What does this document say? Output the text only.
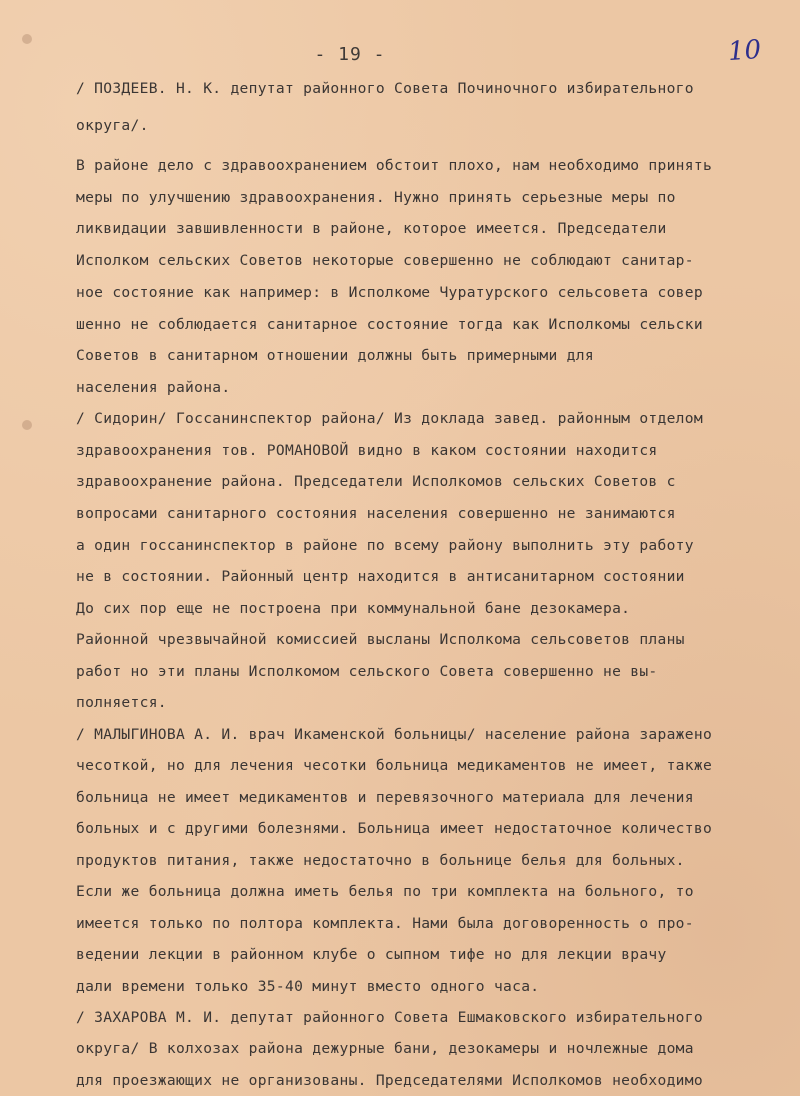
- 19 -	10
/ ПОЗДЕЕВ. Н. К. депутат районного Совета Починочного избирательного
округа/.
В районе дело с здравоохранением обстоит плохо, нам необходимо принять
меры по улучшению здравоохранения. Нужно принять серьезные меры по
ликвидации завшивленности в районе, которое имеется. Председатели
Исполком сельских Советов некоторые совершенно не соблюдают санитар-
ное состояние как например: в Исполкоме Чуратурского сельсовета совер
шенно не соблюдается санитарное состояние тогда как Исполкомы сельски
Советов в санитарном отношении должны быть примерными для
населения района.
/ Сидорин/ Госсанинспектор района/ Из доклада завед. районным отделом
здравоохранения тов. РОМАНОВОЙ видно в каком состоянии находится
здравоохранение района. Председатели Исполкомов сельских Советов с
вопросами санитарного состояния населения совершенно не занимаются
а один госсанинспектор в районе по всему району выполнить эту работу
не в состоянии. Районный центр находится в антисанитарном состоянии
До сих пор еще не построена при коммунальной бане дезокамера.
Районной чрезвычайной комиссией высланы Исполкома сельсоветов планы
работ но эти планы Исполкомом сельского Совета совершенно не вы-
полняется.
/ МАЛЫГИНОВА А. И. врач Икаменской больницы/ население района заражено
чесоткой, но для лечения чесотки больница медикаментов не имеет, также
больница не имеет медикаментов и перевязочного материала для лечения
больных и с другими болезнями. Больница имеет недостаточное количество
продуктов питания, также недостаточно в больнице белья для больных.
Если же больница должна иметь белья по три комплекта на больного, то
имеется только по полтора комплекта. Нами была договоренность о про-
ведении лекции в районном клубе о сыпном тифе но для лекции врачу
дали времени только 35-40 минут вместо одного часа.
/ ЗАХАРОВА М. И. депутат районного Совета Ешмаковского избирательного
округа/ В колхозах района дежурные бани, дезокамеры и ночлежные дома
для проезжающих не организованы. Председателями Исполкомов необходимо
